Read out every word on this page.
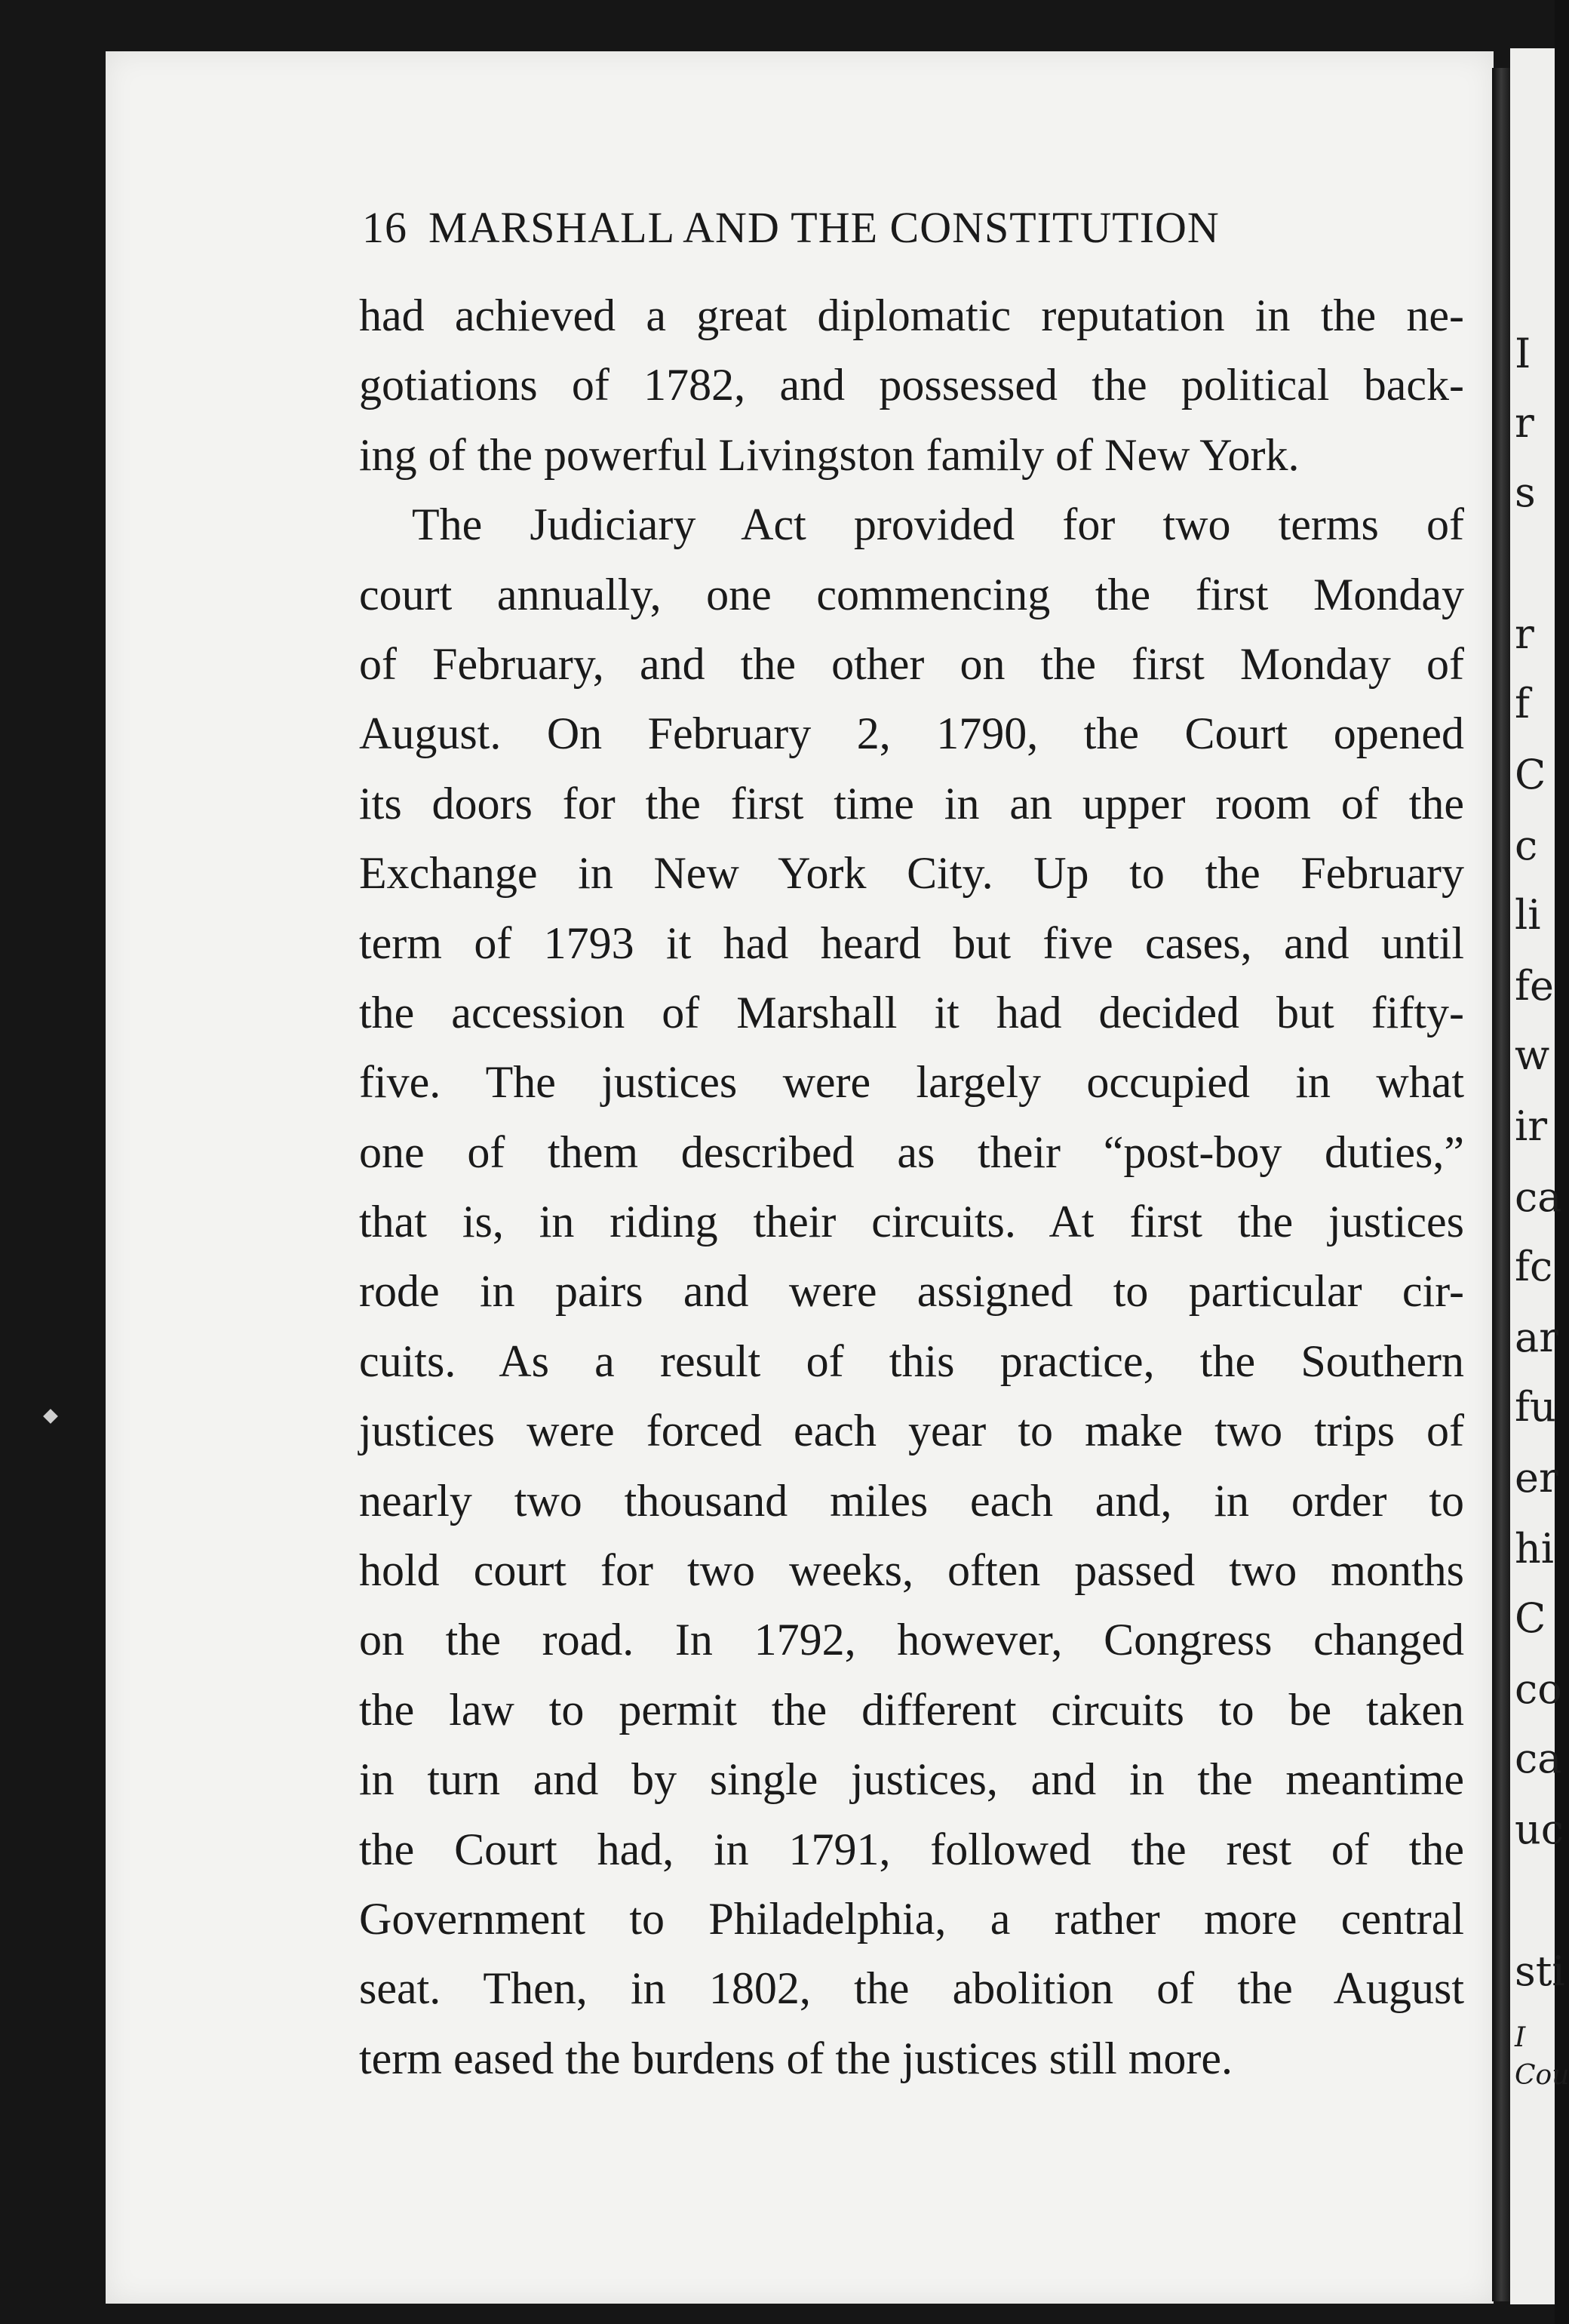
16 MARSHALL AND THE CONSTITUTION
had achieved a great diplomatic reputation in the ne-
gotiations of 1782, and possessed the political back-
ing of the powerful Livingston family of New York.
The Judiciary Act provided for two terms of
court annually, one commencing the first Monday
of February, and the other on the first Monday of
August. On February 2, 1790, the Court opened
its doors for the first time in an upper room of the
Exchange in New York City. Up to the February
term of 1793 it had heard but five cases, and until
the accession of Marshall it had decided but fifty-
five. The justices were largely occupied in what
one of them described as their “post-boy duties,”
that is, in riding their circuits. At first the justices
rode in pairs and were assigned to particular cir-
cuits. As a result of this practice, the Southern
justices were forced each year to make two trips of
nearly two thousand miles each and, in order to
hold court for two weeks, often passed two months
on the road. In 1792, however, Congress changed
the law to permit the different circuits to be taken
in turn and by single justices, and in the meantime
the Court had, in 1791, followed the rest of the
Government to Philadelphia, a rather more central
seat. Then, in 1802, the abolition of the August
term eased the burdens of the justices still more.
I
r
s
r
f
C
c
li
fe
w
ir
ca
fc
ar
fu
er
hi
C
co
ca
uc
sti
I
Cou
